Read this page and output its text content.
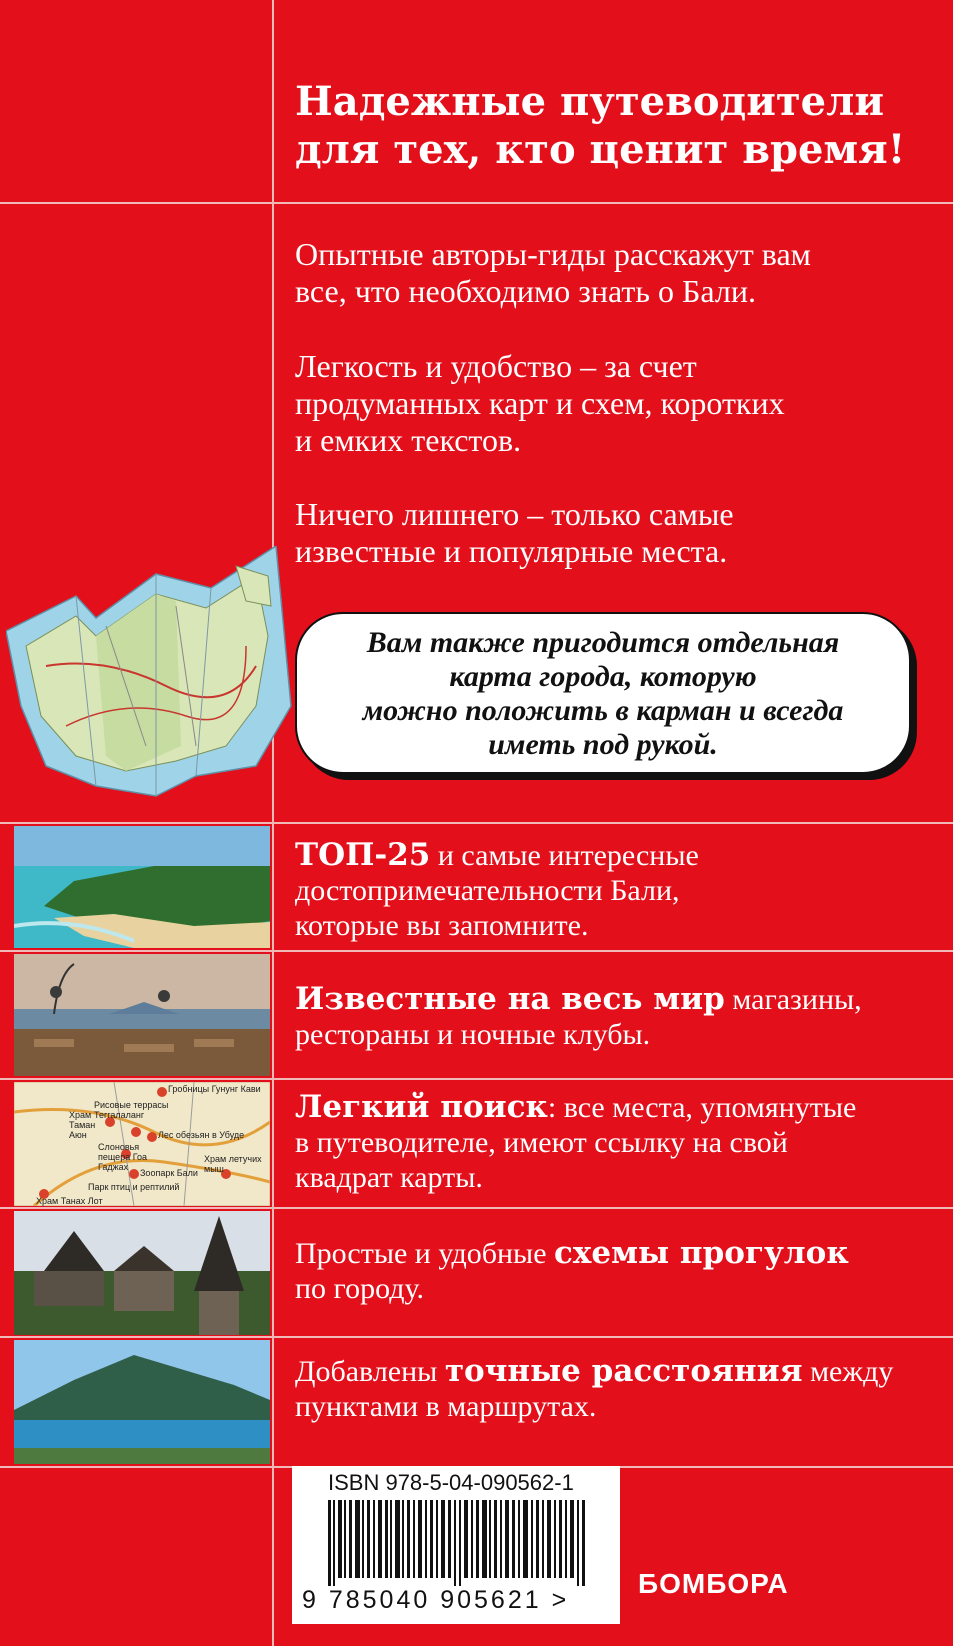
Надежные путеводители
для тех, кто ценит время!

Опытные авторы-гиды расскажут вам
все, что необходимо знать о Бали.

Легкость и удобство – за счет
продуманных карт и схем, коротких
и емких текстов.

Ничего лишнего – только самые
известные и популярные места.

Вам также пригодится отдельная
карта города, которую
можно положить в карман и всегда
иметь под рукой.
Гробницы Гунунг Кави
Рисовые террасы Теггалаланг
Храм Таман Аюн
Слоновья пещера Гоа Гаджах
Лес обезьян в Убуде
Храм летучих мыш
Зоопарк Бали
Парк птиц и рептилий
Храм Танах Лот

ТОП-25 и самые интересные
достопримечательности Бали,
которые вы запомните.

Известные на весь мир магазины,
рестораны и ночные клубы.

Легкий поиск: все места, упомянутые
в путеводителе, имеют ссылку на свой
квадрат карты.

Простые и удобные схемы прогулок
по городу.

Добавлены точные расстояния между
пунктами в маршрутах.

ISBN 978-5-04-090562-1
9 785040 905621 >
БОМБОРА
